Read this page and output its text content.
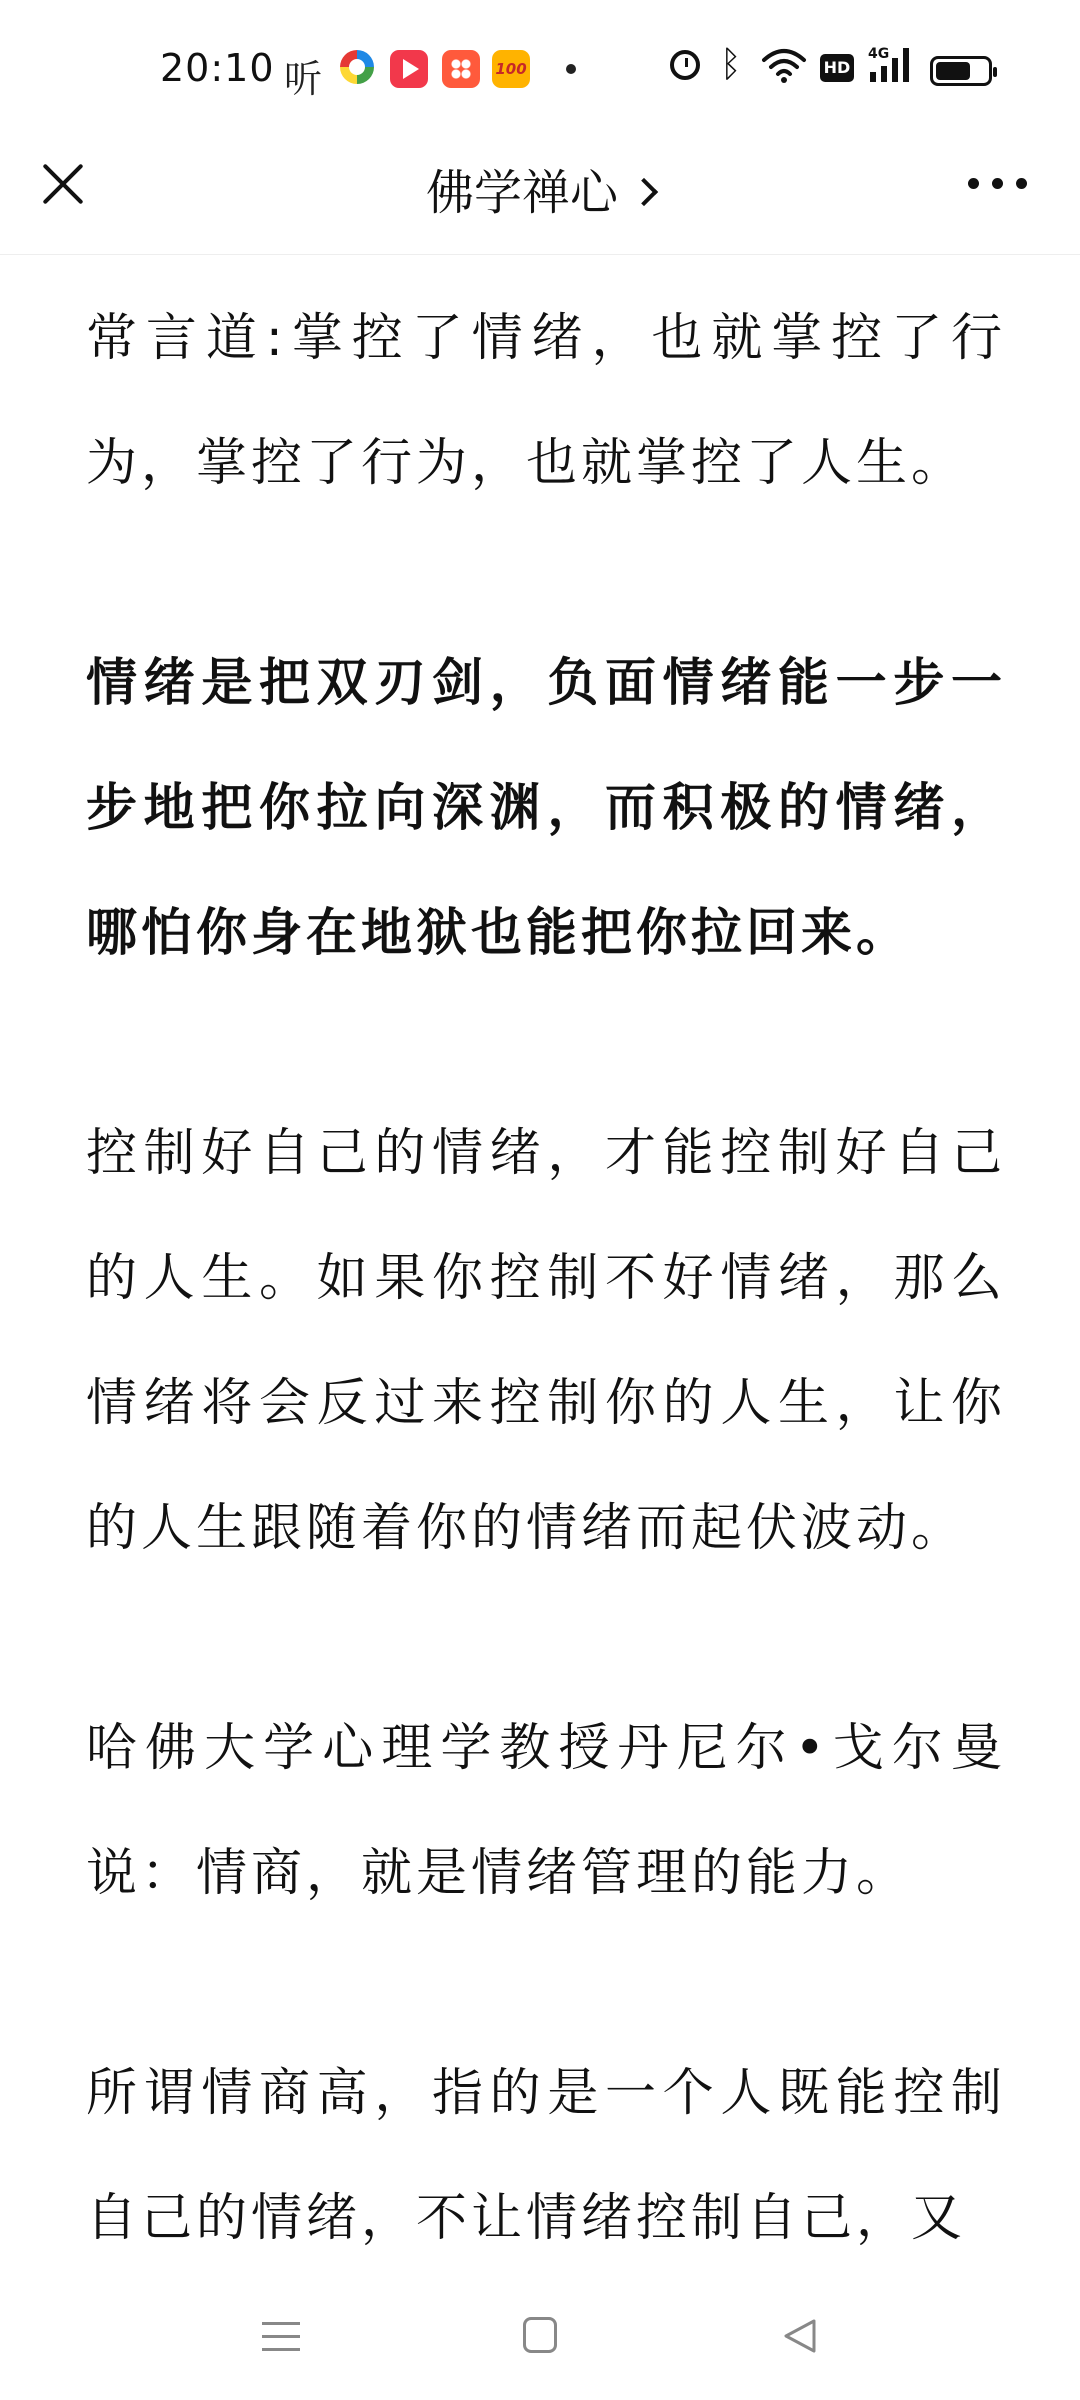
20:10 听	100	ᛒ	HD
4G
佛学禅心

常言道:掌控了情绪，也就掌控了行为，掌控了行为，也就掌控了人生。

情绪是把双刃剑，负面情绪能一步一步地把你拉向深渊，而积极的情绪，哪怕你身在地狱也能把你拉回来。

控制好自己的情绪，才能控制好自己的人生。如果你控制不好情绪，那么情绪将会反过来控制你的人生，让你的人生跟随着你的情绪而起伏波动。

哈佛大学心理学教授丹尼尔•戈尔曼说：情商，就是情绪管理的能力。

所谓情商高，指的是一个人既能控制自己的情绪，不让情绪控制自己，又
